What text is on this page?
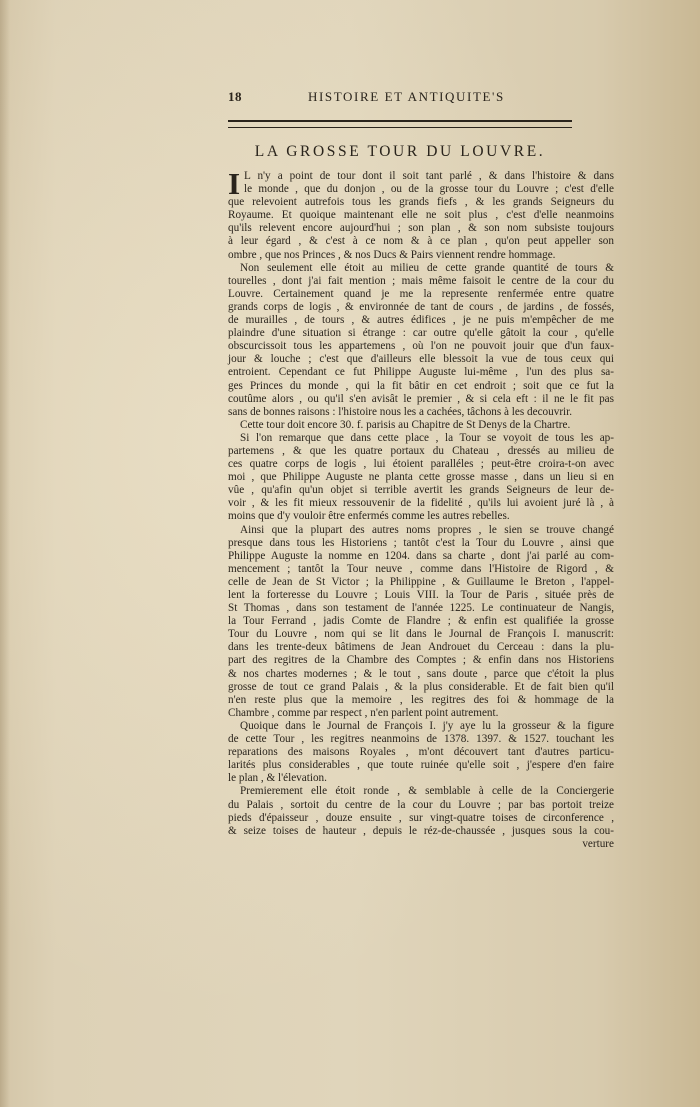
18	HISTOIRE ET ANTIQUITE'S
LA GROSSE TOUR DU LOUVRE.
I L n'y a point de tour dont il soit tant parlé , & dans l'histoire & dans
le monde , que du donjon , ou de la grosse tour du Louvre ; c'est d'elle
que relevoient autrefois tous les grands fiefs , & les grands Seigneurs du
Royaume. Et quoique maintenant elle ne soit plus , c'est d'elle neanmoins
qu'ils relevent encore aujourd'hui ; son plan , & son nom subsiste toujours
à leur égard , & c'est à ce nom & à ce plan , qu'on peut appeller son
ombre , que nos Princes , & nos Ducs & Pairs viennent rendre hommage.
Non seulement elle étoit au milieu de cette grande quantité de tours &
tourelles , dont j'ai fait mention ; mais même faisoit le centre de la cour du
Louvre. Certainement quand je me la represente renfermée entre quatre
grands corps de logis , & environnée de tant de cours , de jardins , de fossés,
de murailles , de tours , & autres édifices , je ne puis m'empêcher de me
plaindre d'une situation si étrange : car outre qu'elle gâtoit la cour , qu'elle
obscurcissoit tous les appartemens , où l'on ne pouvoit jouir que d'un faux-
jour & louche ; c'est que d'ailleurs elle blessoit la vue de tous ceux qui
entroient. Cependant ce fut Philippe Auguste lui-même , l'un des plus sa-
ges Princes du monde , qui la fit bâtir en cet endroit ; soit que ce fut la
coutûme alors , ou qu'il s'en avisât le premier , & si cela eft : il ne le fit pas
sans de bonnes raisons : l'histoire nous les a cachées, tâchons à les decouvrir.
Cette tour doit encore 30. f. parisis au Chapitre de St Denys de la Chartre.
Si l'on remarque que dans cette place , la Tour se voyoit de tous les ap-
partemens , & que les quatre portaux du Chateau , dressés au milieu de
ces quatre corps de logis , lui étoient paralléles ; peut-être croira-t-on avec
moi , que Philippe Auguste ne planta cette grosse masse , dans un lieu si en
vûe , qu'afin qu'un objet si terrible avertit les grands Seigneurs de leur de-
voir , & les fit mieux ressouvenir de la fidelité , qu'ils lui avoient juré là , à
moins que d'y vouloir être enfermés comme les autres rebelles.
Ainsi que la plupart des autres noms propres , le sien se trouve changé
presque dans tous les Historiens ; tantôt c'est la Tour du Louvre , ainsi que
Philippe Auguste la nomme en 1204. dans sa charte , dont j'ai parlé au com-
mencement ; tantôt la Tour neuve , comme dans l'Histoire de Rigord , &
celle de Jean de St Victor ; la Philippine , & Guillaume le Breton , l'appel-
lent la forteresse du Louvre ; Louis VIII. la Tour de Paris , située près de
St Thomas , dans son testament de l'année 1225. Le continuateur de Nangis,
la Tour Ferrand , jadis Comte de Flandre ; & enfin est qualifiée la grosse
Tour du Louvre , nom qui se lit dans le Journal de François I. manuscrit:
dans les trente-deux bâtimens de Jean Androuet du Cerceau : dans la plu-
part des regitres de la Chambre des Comptes ; & enfin dans nos Historiens
& nos chartes modernes ; & le tout , sans doute , parce que c'étoit la plus
grosse de tout ce grand Palais , & la plus considerable. Et de fait bien qu'il
n'en reste plus que la memoire , les regitres des foi & hommage de la
Chambre , comme par respect , n'en parlent point autrement.
Quoique dans le Journal de François I. j'y aye lu la grosseur & la figure
de cette Tour , les regitres neanmoins de 1378. 1397. & 1527. touchant les
reparations des maisons Royales , m'ont découvert tant d'autres particu-
larités plus considerables , que toute ruinée qu'elle soit , j'espere d'en faire
le plan , & l'élevation.
Premierement elle étoit ronde , & semblable à celle de la Conciergerie
du Palais , sortoit du centre de la cour du Louvre ; par bas portoit treize
pieds d'épaisseur , douze ensuite , sur vingt-quatre toises de circonference ,
& seize toises de hauteur , depuis le réz-de-chaussée , jusques sous la cou-
verture
